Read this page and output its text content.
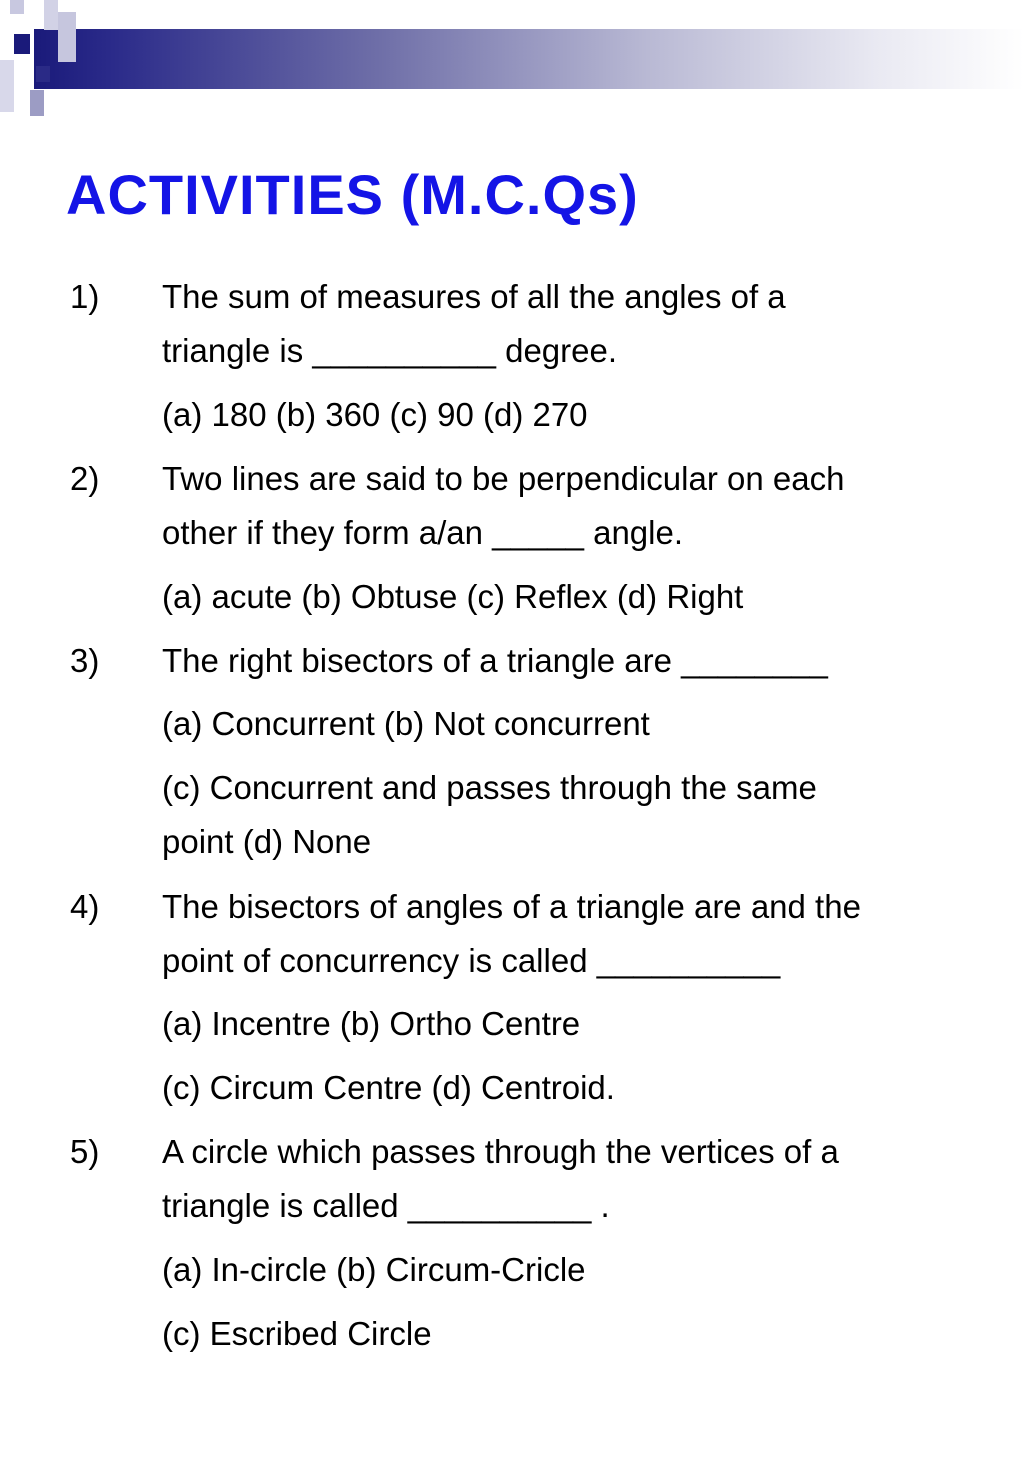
ACTIVITIES (M.C.Qs)
1) The sum of measures of all the angles of a
triangle is __________ degree.
(a) 180 (b) 360 (c) 90 (d) 270
2) Two lines are said to be perpendicular on each
other if they form a/an _____ angle.
(a) acute (b) Obtuse (c) Reflex (d) Right
3) The right bisectors of a triangle are ________
(a) Concurrent (b) Not concurrent
(c) Concurrent and passes through the same
point (d) None
4) The bisectors of angles of a triangle are and the
point of concurrency is called __________
(a) Incentre (b) Ortho Centre
(c) Circum Centre (d) Centroid.
5) A circle which passes through the vertices of a
triangle is called __________ .
(a) In-circle (b) Circum-Cricle
(c) Escribed Circle
